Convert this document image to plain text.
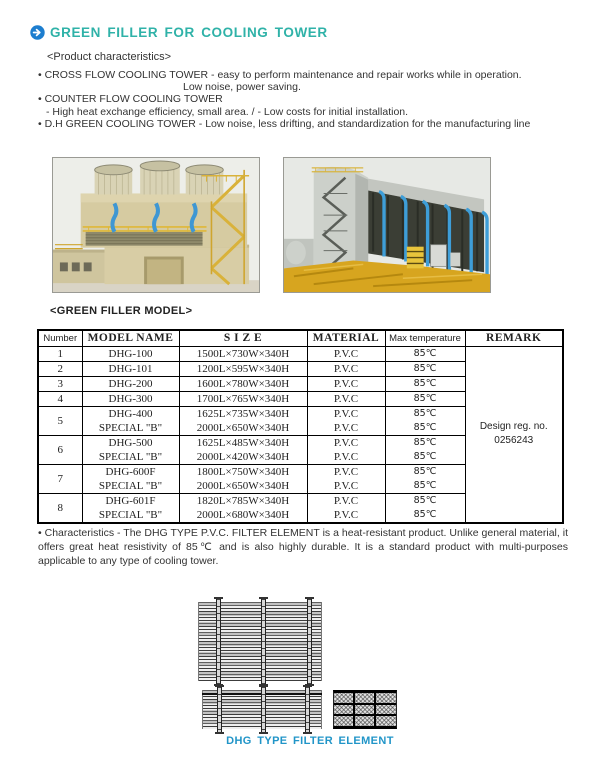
GREEN FILLER FOR COOLING TOWER
<Product characteristics>
• CROSS FLOW COOLING TOWER - easy to perform maintenance and repair works while in operation.
Low noise, power saving.
• COUNTER FLOW COOLING TOWER
- High heat exchange efficiency, small area. / - Low costs for initial installation.
• D.H GREEN COOLING TOWER - Low noise, less drifting, and standardization for the manufacturing line
<GREEN FILLER MODEL>
Number	MODEL NAME	S I Z E	MATERIAL	Max temperature	REMARK
1	DHG-100	1500L×730W×340H	P.V.C	85℃	Design reg. no.
0256243

2	DHG-101	1200L×595W×340H	P.V.C	85℃	
3	DHG-200	1600L×780W×340H	P.V.C	85℃	
4	DHG-300	1700L×765W×340H	P.V.C	85℃	
5	DHG-400	1625L×735W×340H	P.V.C	85℃	
	SPECIAL "B"	2000L×650W×340H	P.V.C	85℃	
6	DHG-500	1625L×485W×340H	P.V.C	85℃	
	SPECIAL "B"	2000L×420W×340H	P.V.C	85℃	
7	DHG-600F	1800L×750W×340H	P.V.C	85℃	
	SPECIAL "B"	2000L×650W×340H	P.V.C	85℃	
8	DHG-601F	1820L×785W×340H	P.V.C	85℃	
	SPECIAL "B"	2000L×680W×340H	P.V.C	85℃	
• Characteristics - The DHG TYPE P.V.C. FILTER ELEMENT is a heat-resistant product. Unlike general material, it offers great heat resistivity of 85℃ and is also highly durable. It is a standard product with multi-purposes applicable to any type of cooling tower.
DHG TYPE FILTER ELEMENT
